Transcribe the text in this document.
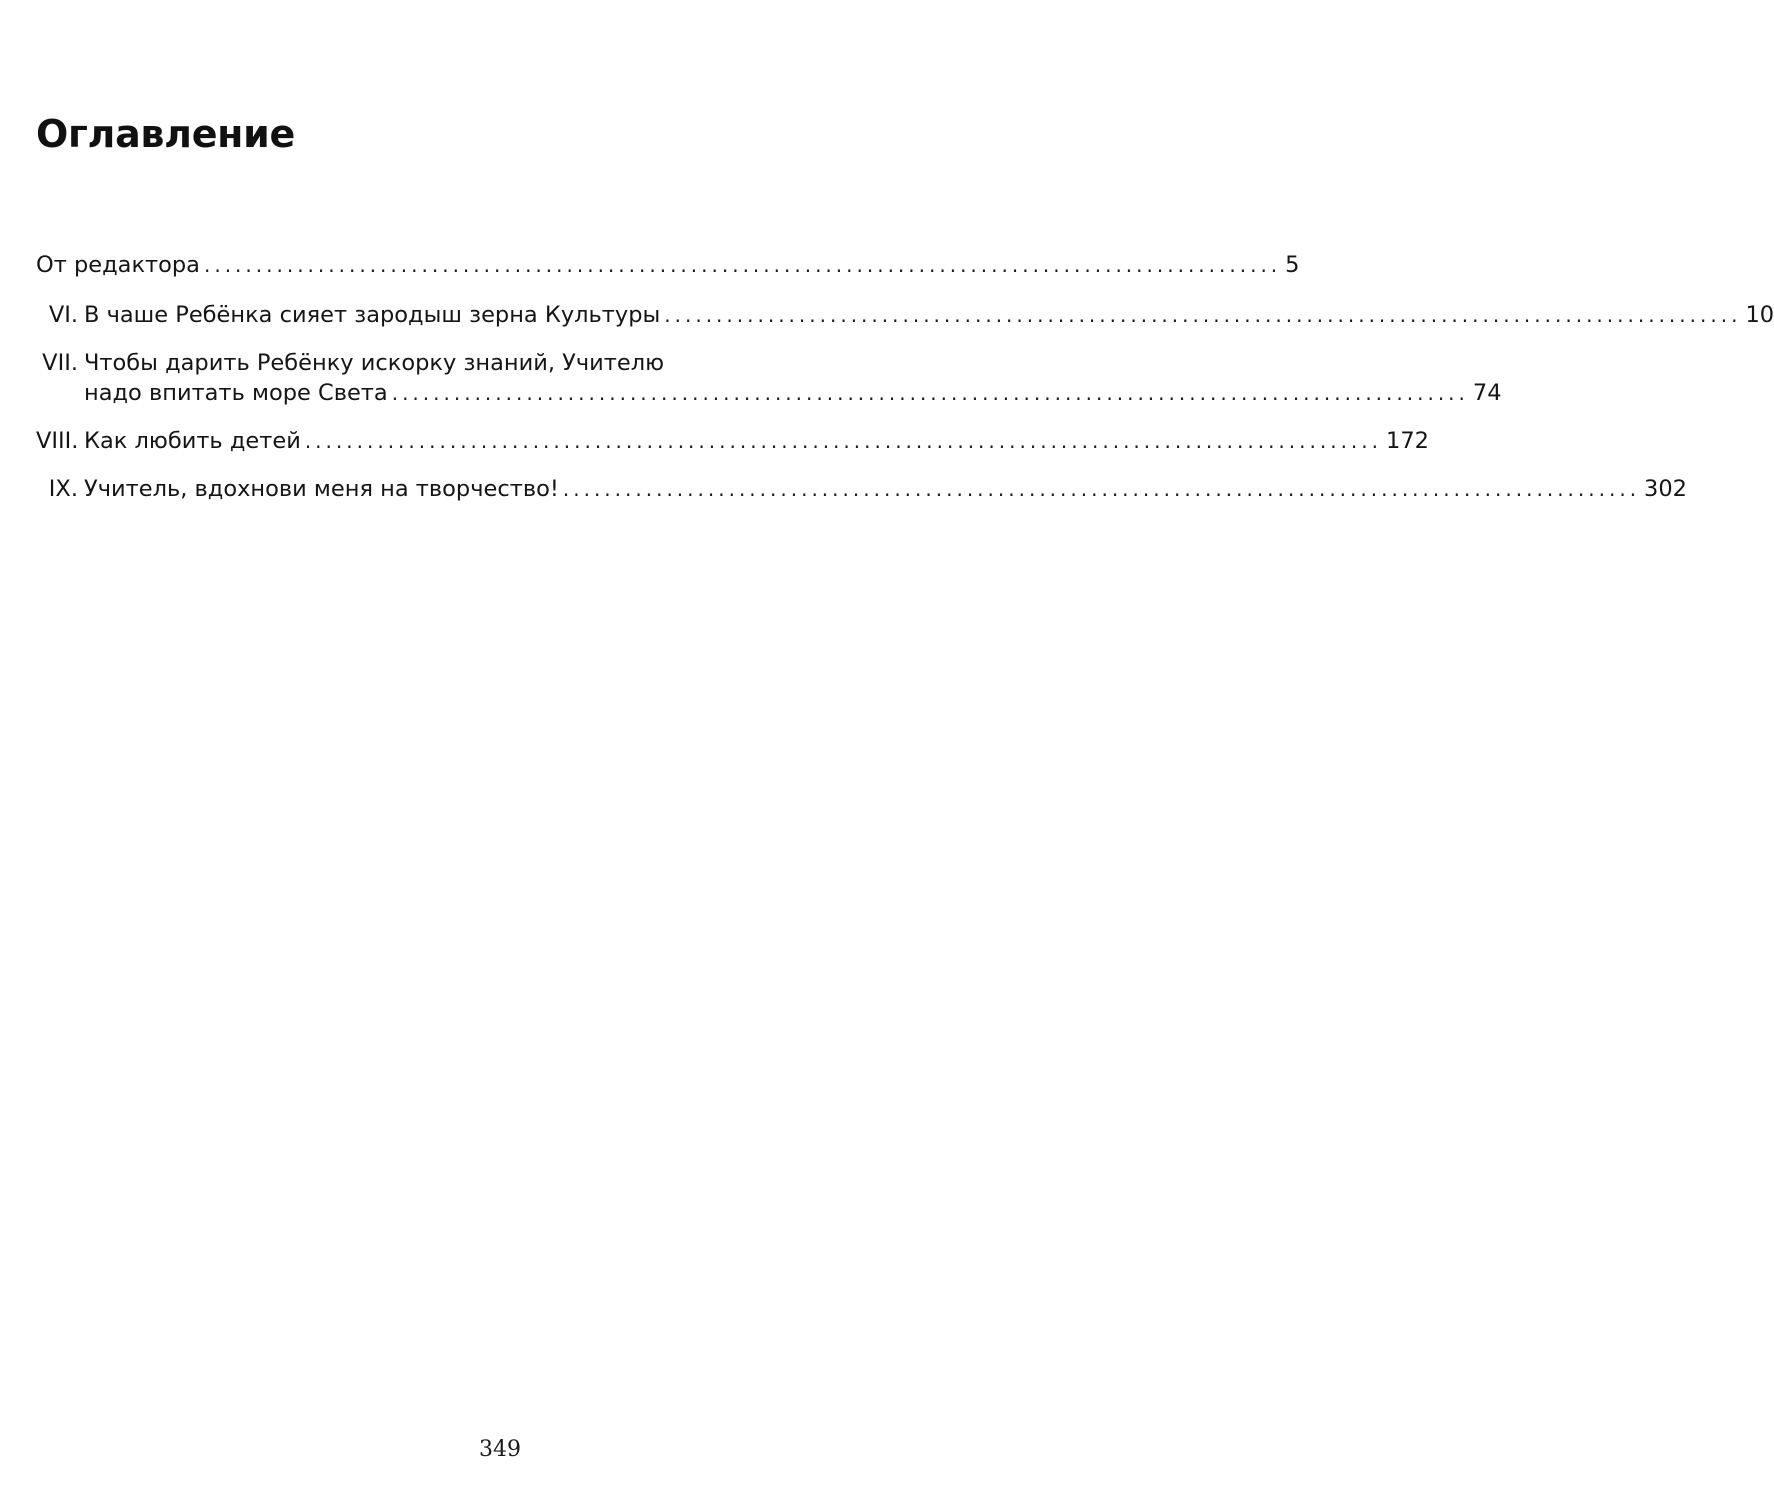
Оглавление
От редактора ........................................................................................................ 5
VI. В чаше Ребёнка сияет зародыш зерна Культуры ........................................................................................................ 10
VII. Чтобы дарить Ребёнку искорку знаний, Учителю
надо впитать море Света ........................................................................................................ 74
VIII. Как любить детей ........................................................................................................ 172
IX. Учитель, вдохнови меня на творчество! ........................................................................................................ 302
349
